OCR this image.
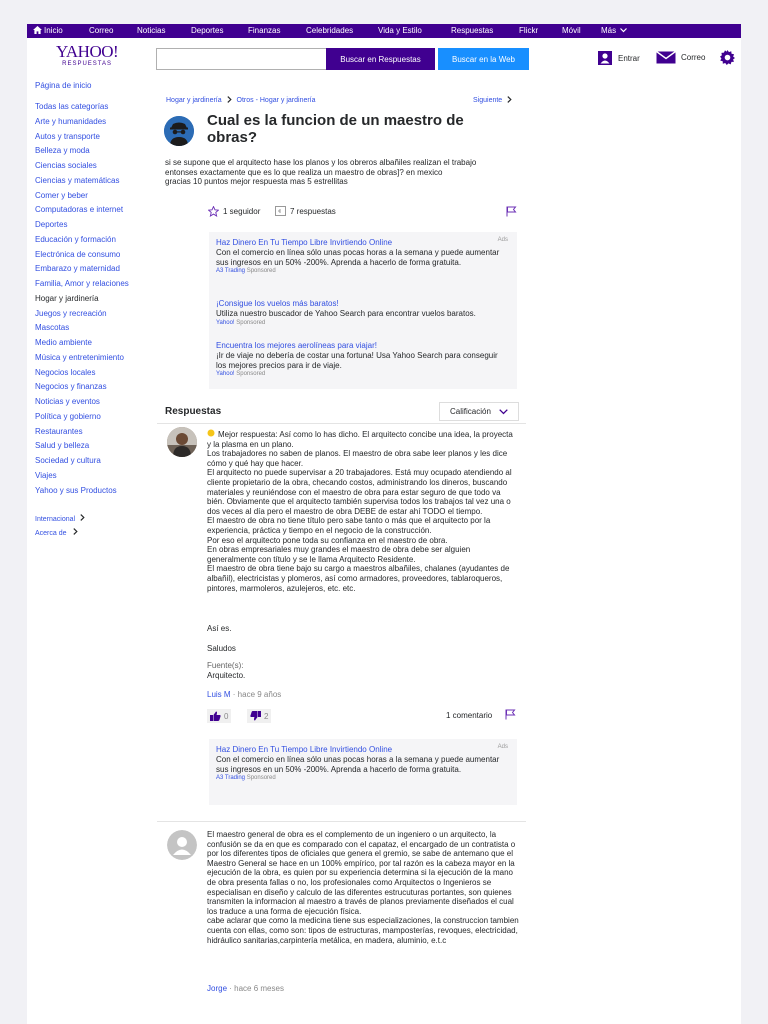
Inicio	Correo	Noticias	Deportes	Finanzas	Celebridades	Vida y Estilo	Respuestas	Flickr	Móvil	Más
YAHOO!
RESPUESTAS
Buscar en Respuestas	Buscar en la Web	Entrar	Correo
Página de inicio
Todas las categorías
Arte y humanidades
Autos y transporte
Belleza y moda
Ciencias sociales
Ciencias y matemáticas
Comer y beber
Computadoras e internet
Deportes
Educación y formación
Electrónica de consumo
Embarazo y maternidad
Familia, Amor y relaciones
Hogar y jardinería
Juegos y recreación
Mascotas
Medio ambiente
Música y entretenimiento
Negocios locales
Negocios y finanzas
Noticias y eventos
Política y gobierno
Restaurantes
Salud y belleza
Sociedad y cultura
Viajes
Yahoo y sus Productos
Internacional
Acerca de
Hogar y jardinería Otros - Hogar y jardinería	Siguiente
Cual es la funcion de un maestro de obras?

si se supone que el arquitecto hase los planos y los obreros albañiles realizan el trabajo entonses exactamente que es lo que realiza un maestro de obras]? en mexico
gracias 10 puntos mejor respuesta mas 5 estrellitas

1 seguidor	7 respuestas
Ads
Haz Dinero En Tu Tiempo Libre Invirtiendo Online
Con el comercio en línea sólo unas pocas horas a la semana y puede aumentar sus ingresos en un 50% -200%. Aprenda a hacerlo de forma gratuita.
A3 Trading Sponsored
¡Consigue los vuelos más baratos!
Utiliza nuestro buscador de Yahoo Search para encontrar vuelos baratos.
Yahoo! Sponsored
Encuentra los mejores aerolíneas para viajar!
¡Ir de viaje no debería de costar una fortuna! Usa Yahoo Search para conseguir los mejores precios para ir de viaje.
Yahoo! Sponsored
Respuestas	Calificación
Mejor respuesta: Así como lo has dicho. El arquitecto concibe una idea, la proyecta y la plasma en un plano.
Los trabajadores no saben de planos. El maestro de obra sabe leer planos y les dice cómo y qué hay que hacer.
El arquitecto no puede supervisar a 20 trabajadores. Está muy ocupado atendiendo al cliente propietario de la obra, checando costos, administrando los dineros, buscando materiales y reuniéndose con el maestro de obra para estar seguro de que todo va bién. Obviamente que el arquitecto también supervisa todos los trabajos tal vez una o dos veces al día pero el maestro de obra DEBE de estar ahí TODO el tiempo.
El maestro de obra no tiene título pero sabe tanto o más que el arquitecto por la experiencia, práctica y tiempo en el negocio de la construcción.
Por eso el arquitecto pone toda su confianza en el maestro de obra.
En obras empresariales muy grandes el maestro de obra debe ser alguien generalmente con título y se le llama Arquitecto Residente.
El maestro de obra tiene bajo su cargo a maestros albañiles, chalanes (ayudantes de albañil), electricistas y plomeros, así como armadores, proveedores, tablaroqueros, pintores, marmoleros, azulejeros, etc. etc.
Así es.
Saludos
Fuente(s):
Arquitecto.
Luis M · hace 9 años
0	2	1 comentario
Ads
Haz Dinero En Tu Tiempo Libre Invirtiendo Online
Con el comercio en línea sólo unas pocas horas a la semana y puede aumentar sus ingresos en un 50% -200%. Aprenda a hacerlo de forma gratuita.
A3 Trading Sponsored
El maestro general de obra es el complemento de un ingeniero o un arquitecto, la confusión se da en que es comparado con el capataz, el encargado de un contratista o por los diferentes tipos de oficiales que genera el gremio, se sabe de antemano que el Maestro General se hace en un 100% empírico, por tal razón es la cabeza mayor en la ejecución de la obra, es quien por su experiencia determina si la ejecución de la mano de obra presenta fallas o no, los profesionales como Arquitectos o Ingenieros se especialisan en diseño y calculo de las diferentes estrucuturas portantes, son quienes transmiten la informacion al maestro a través de planos previamente diseñados el cual los traduce a una forma de ejecución física.
cabe aclarar que como la medicina tiene sus especializaciones, la construccion tambien cuenta con ellas, como son: tipos de estructuras, mamposterías, revoques, electricidad, hidráulico sanitarias,carpintería metálica, en madera, aluminio, e.t.c
Jorge · hace 6 meses
